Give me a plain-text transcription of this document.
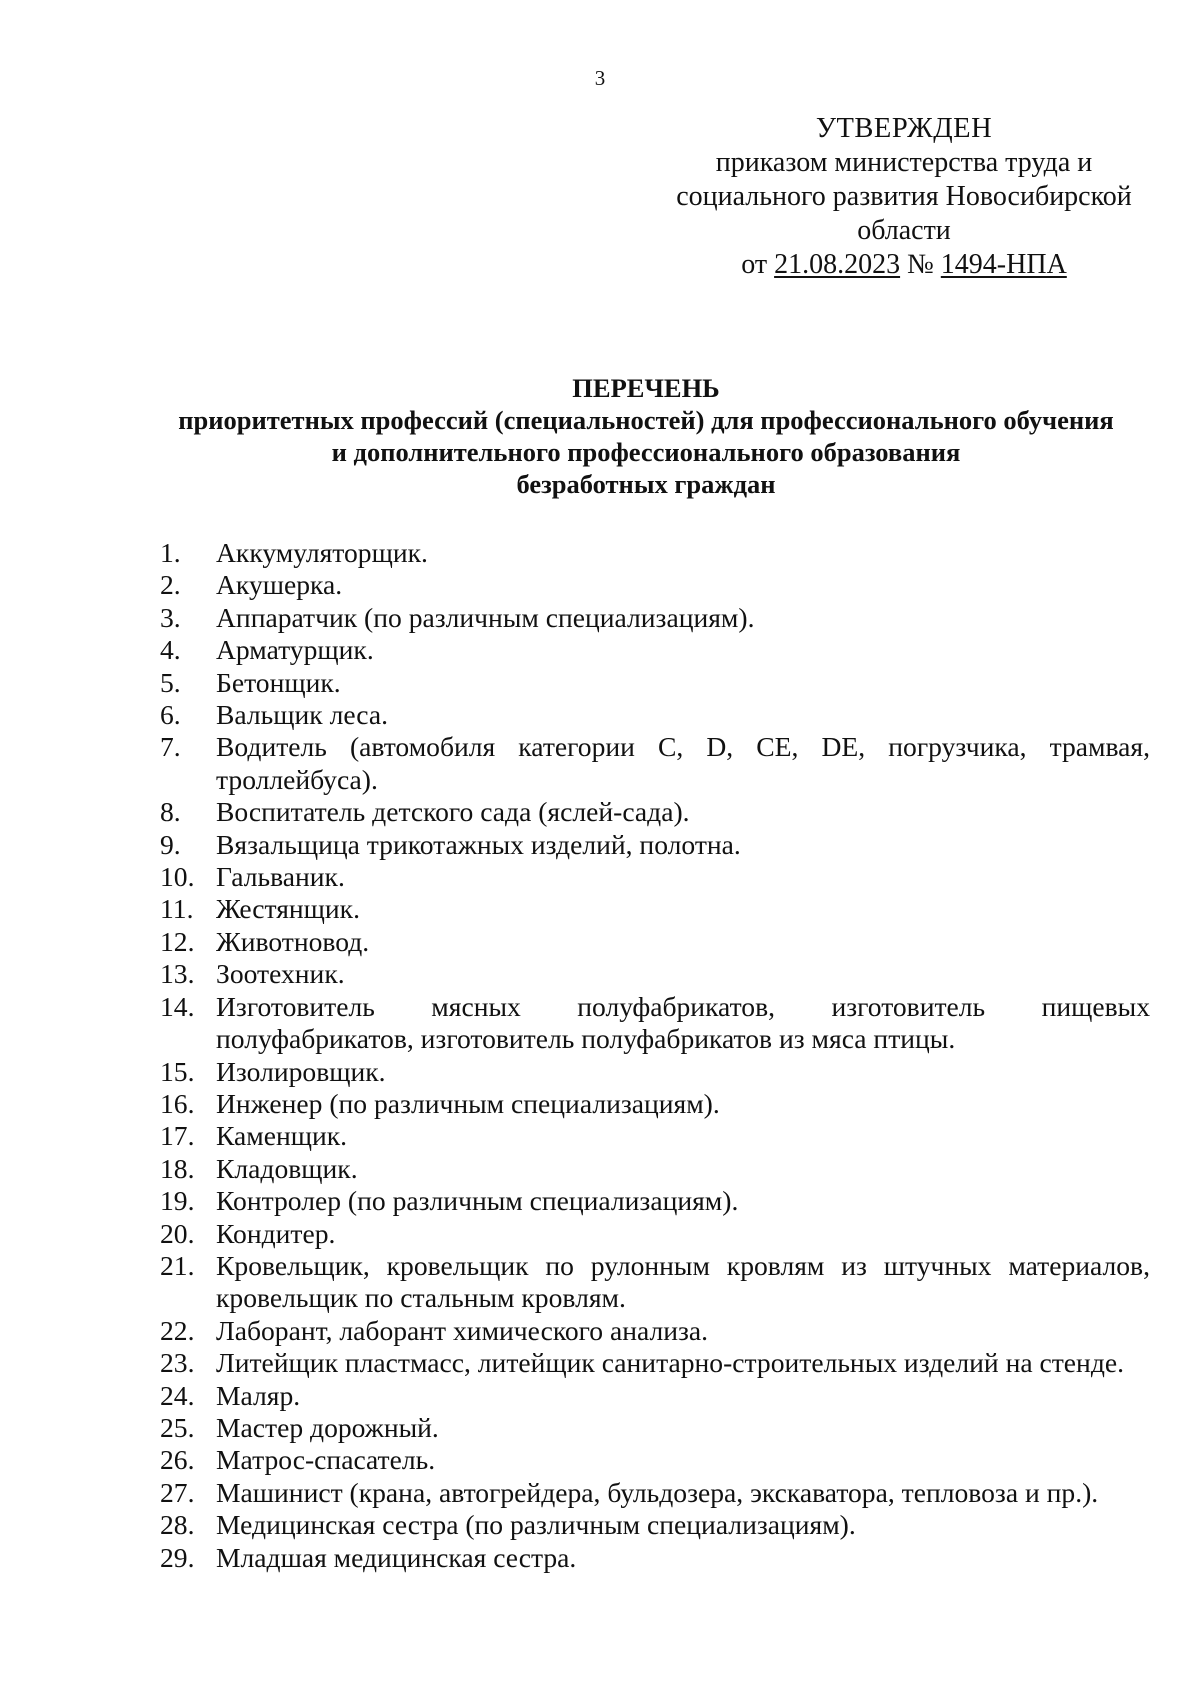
3
УТВЕРЖДЕН
приказом министерства труда и
социального развития Новосибирской
области
от 21.08.2023 № 1494-НПА
ПЕРЕЧЕНЬ
приоритетных профессий (специальностей) для профессионального обучения
и дополнительного профессионального образования
безработных граждан
1. Аккумуляторщик.
2. Акушерка.
3. Аппаратчик (по различным специализациям).
4. Арматурщик.
5. Бетонщик.
6. Вальщик леса.
7. Водитель (автомобиля категории C, D, CE, DE, погрузчика, трамвая, троллейбуса).
8. Воспитатель детского сада (яслей-сада).
9. Вязальщица трикотажных изделий, полотна.
10. Гальваник.
11. Жестянщик.
12. Животновод.
13. Зоотехник.
14. Изготовитель мясных полуфабрикатов, изготовитель пищевых полуфабрикатов, изготовитель полуфабрикатов из мяса птицы.
15. Изолировщик.
16. Инженер (по различным специализациям).
17. Каменщик.
18. Кладовщик.
19. Контролер (по различным специализациям).
20. Кондитер.
21. Кровельщик, кровельщик по рулонным кровлям из штучных материалов, кровельщик по стальным кровлям.
22. Лаборант, лаборант химического анализа.
23. Литейщик пластмасс, литейщик санитарно-строительных изделий на стенде.
24. Маляр.
25. Мастер дорожный.
26. Матрос-спасатель.
27. Машинист (крана, автогрейдера, бульдозера, экскаватора, тепловоза и пр.).
28. Медицинская сестра (по различным специализациям).
29. Младшая медицинская сестра.
